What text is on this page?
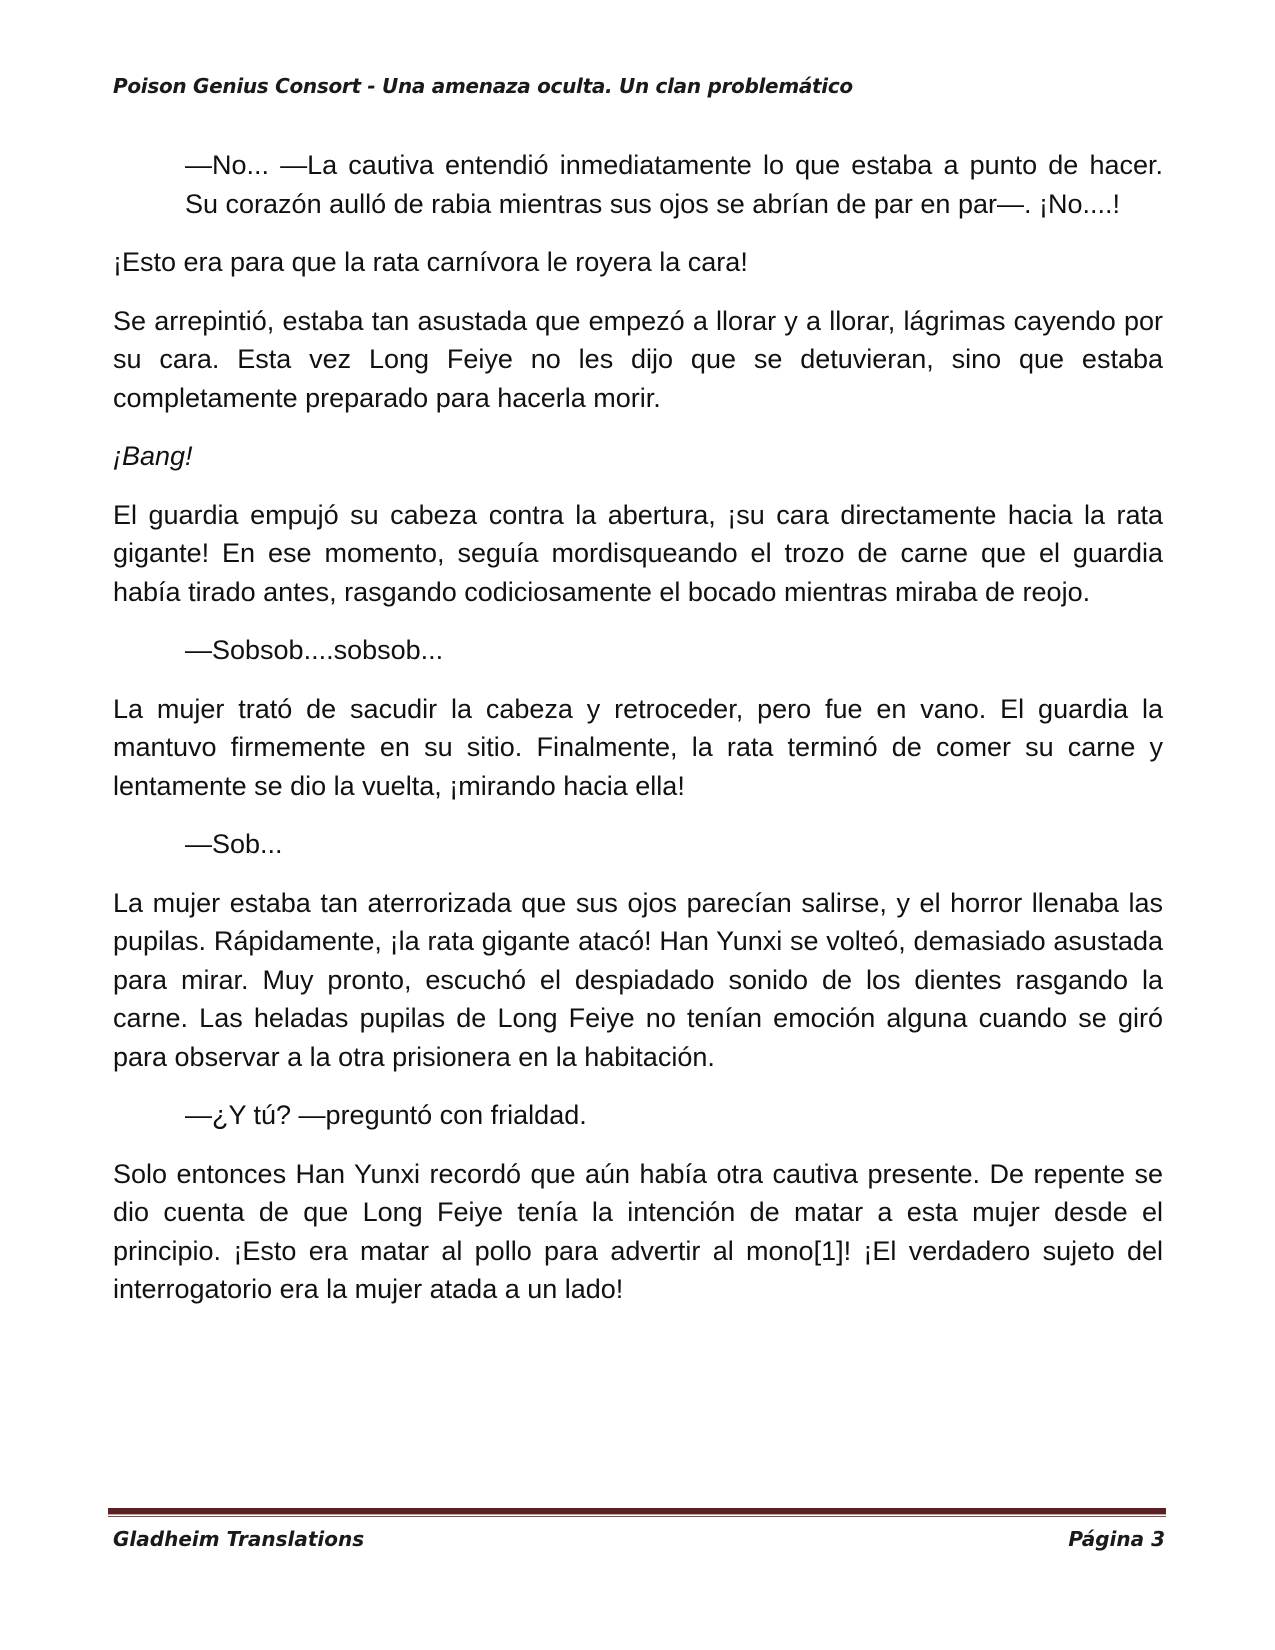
Poison Genius Consort - Una amenaza oculta. Un clan problemático

—No... —La cautiva entendió inmediatamente lo que estaba a punto de hacer. Su corazón aulló de rabia mientras sus ojos se abrían de par en par—. ¡No....!

¡Esto era para que la rata carnívora le royera la cara!

Se arrepintió, estaba tan asustada que empezó a llorar y a llorar, lágrimas cayendo por su cara. Esta vez Long Feiye no les dijo que se detuvieran, sino que estaba completamente preparado para hacerla morir.

¡Bang!

El guardia empujó su cabeza contra la abertura, ¡su cara directamente hacia la rata gigante! En ese momento, seguía mordisqueando el trozo de carne que el guardia había tirado antes, rasgando codiciosamente el bocado mientras miraba de reojo.

—Sobsob....sobsob...

La mujer trató de sacudir la cabeza y retroceder, pero fue en vano. El guardia la mantuvo firmemente en su sitio. Finalmente, la rata terminó de comer su carne y lentamente se dio la vuelta, ¡mirando hacia ella!

—Sob...

La mujer estaba tan aterrorizada que sus ojos parecían salirse, y el horror llenaba las pupilas. Rápidamente, ¡la rata gigante atacó! Han Yunxi se volteó, demasiado asustada para mirar. Muy pronto, escuchó el despiadado sonido de los dientes rasgando la carne. Las heladas pupilas de Long Feiye no tenían emoción alguna cuando se giró para observar a la otra prisionera en la habitación.

—¿Y tú? —preguntó con frialdad.

Solo entonces Han Yunxi recordó que aún había otra cautiva presente. De repente se dio cuenta de que Long Feiye tenía la intención de matar a esta mujer desde el principio. ¡Esto era matar al pollo para advertir al mono[1]! ¡El verdadero sujeto del interrogatorio era la mujer atada a un lado!

Gladheim Translations	Página 3
